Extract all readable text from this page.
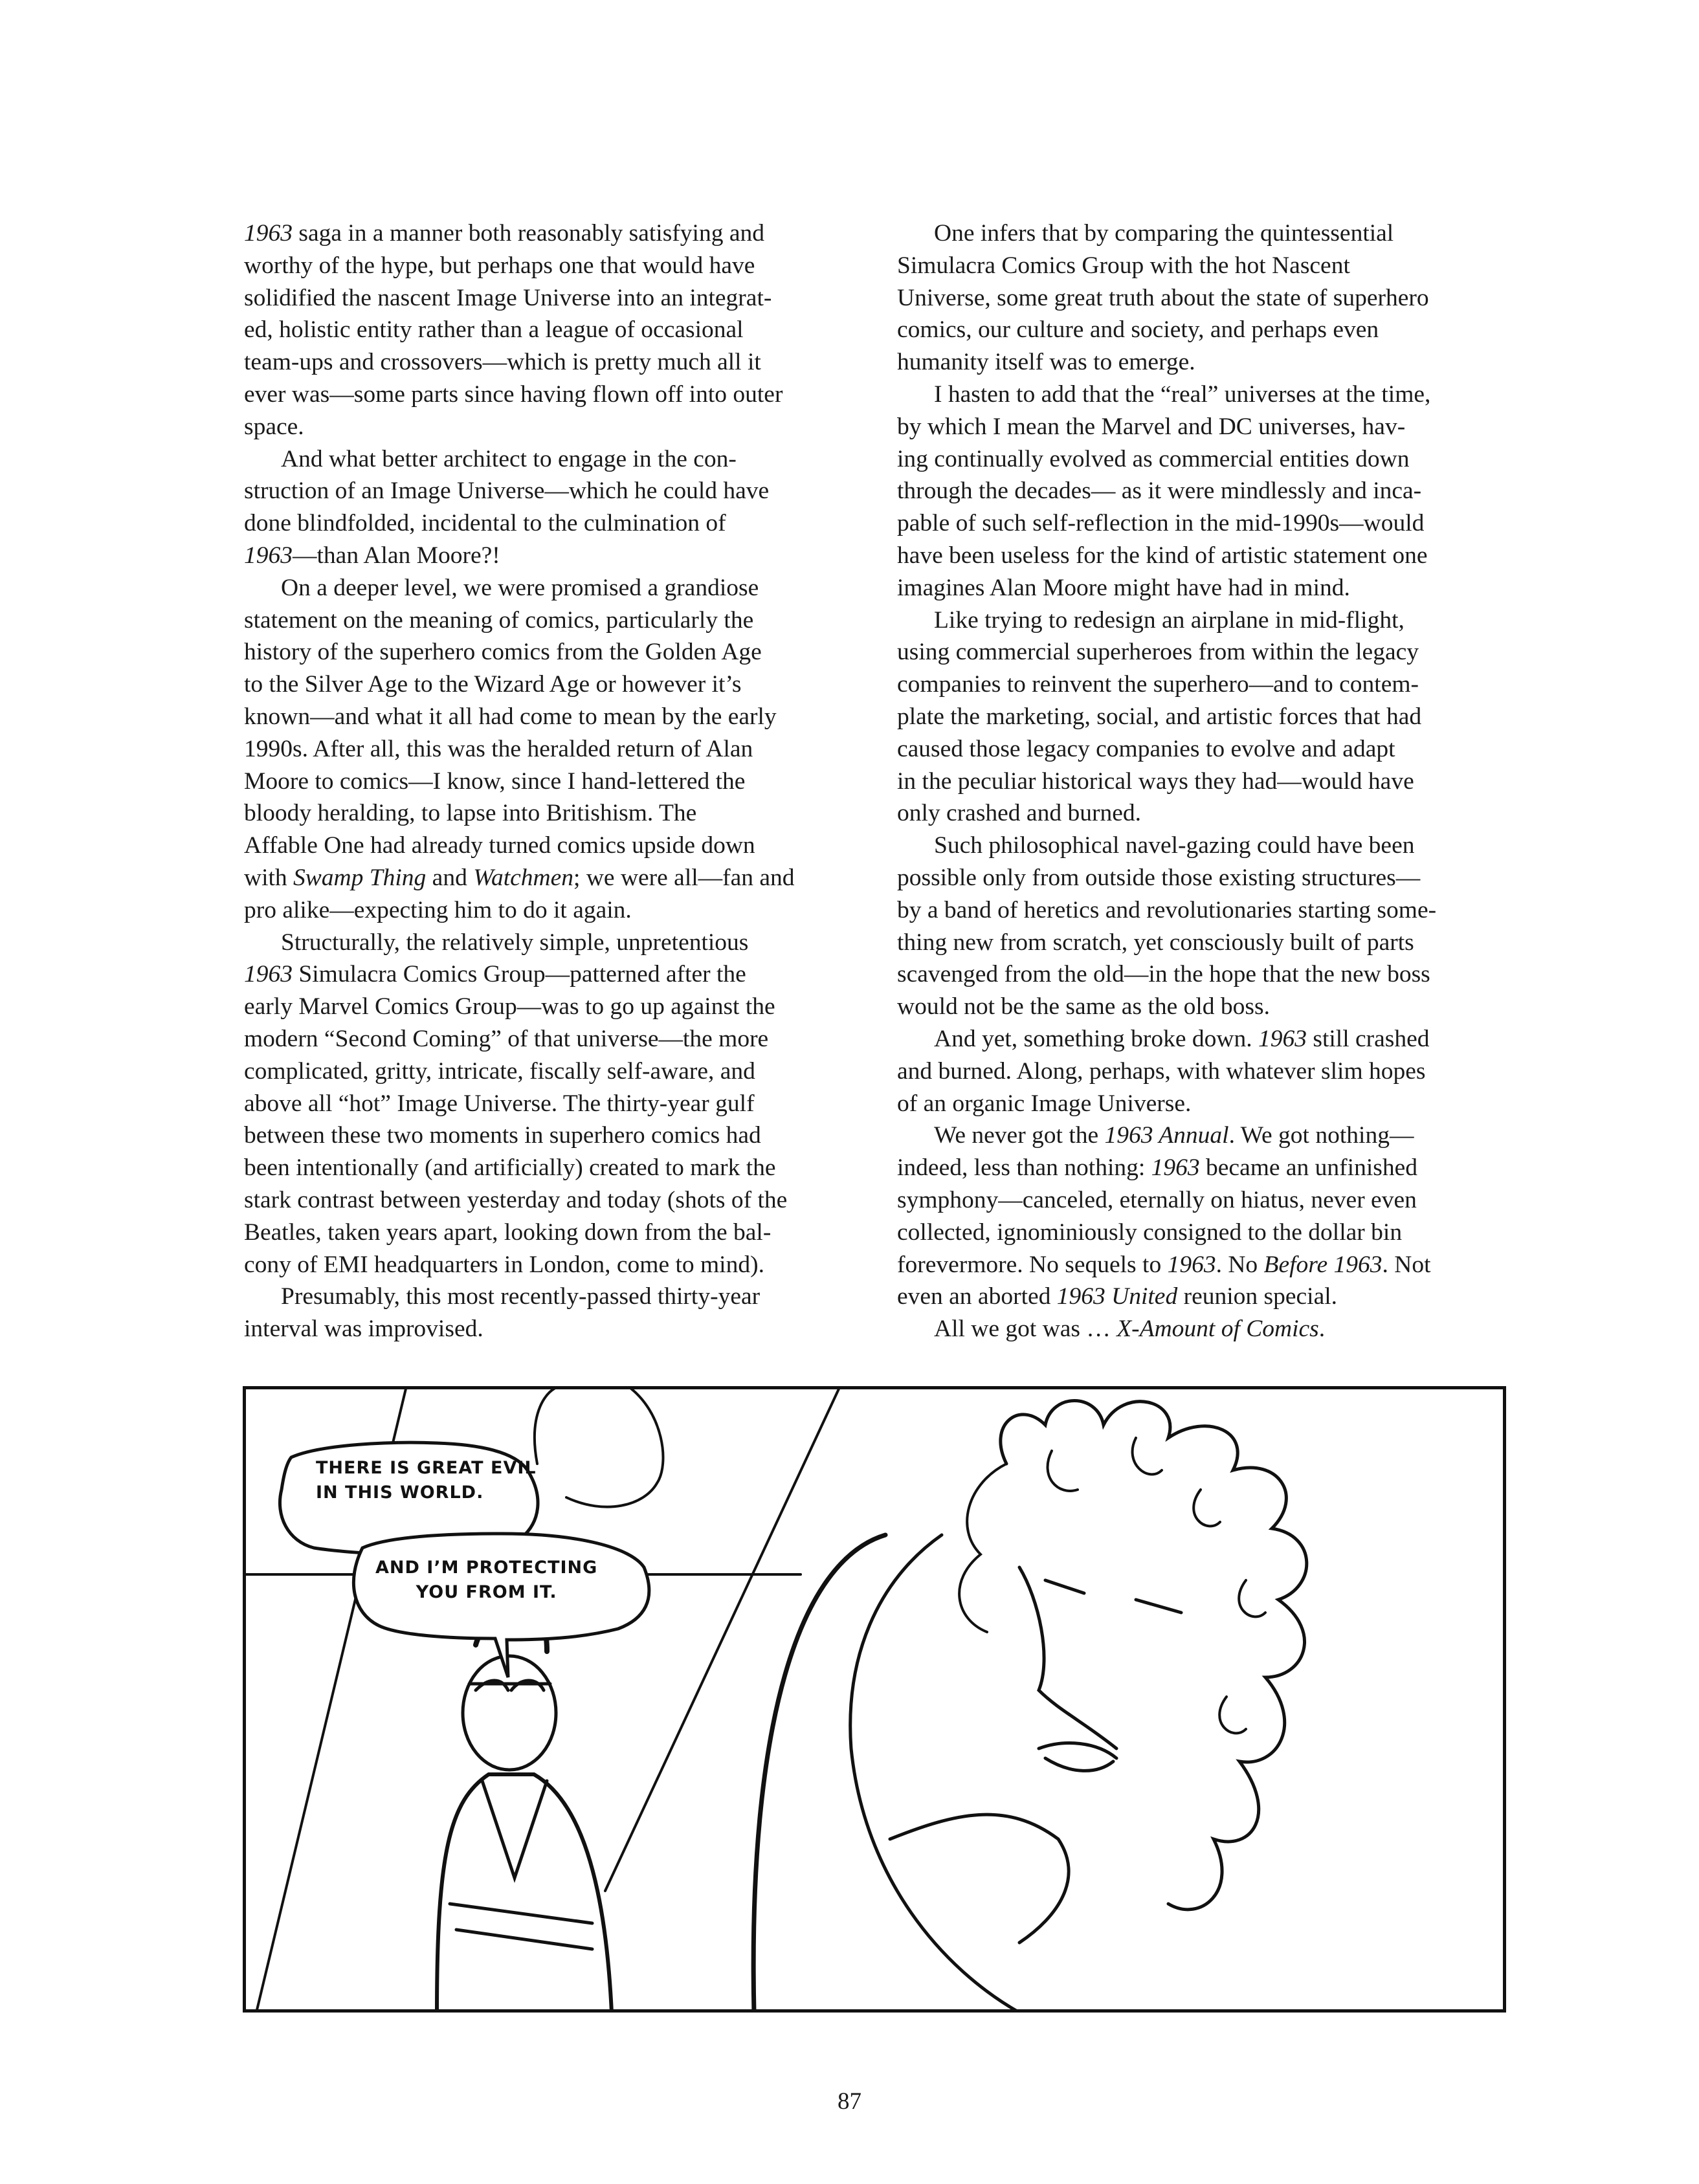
1963 saga in a manner both reasonably satisfying and
worthy of the hype, but perhaps one that would have
solidified the nascent Image Universe into an integrat-
ed, holistic entity rather than a league of occasional
team-ups and crossovers—which is pretty much all it
ever was—some parts since having flown off into outer
space.
And what better architect to engage in the con-
struction of an Image Universe—which he could have
done blindfolded, incidental to the culmination of
1963—than Alan Moore?!
On a deeper level, we were promised a grandiose
statement on the meaning of comics, particularly the
history of the superhero comics from the Golden Age
to the Silver Age to the Wizard Age or however it’s
known—and what it all had come to mean by the early
1990s. After all, this was the heralded return of Alan
Moore to comics—I know, since I hand-lettered the
bloody heralding, to lapse into Britishism. The
Affable One had already turned comics upside down
with Swamp Thing and Watchmen; we were all—fan and
pro alike—expecting him to do it again.
Structurally, the relatively simple, unpretentious
1963 Simulacra Comics Group—patterned after the
early Marvel Comics Group—was to go up against the
modern “Second Coming” of that universe—the more
complicated, gritty, intricate, fiscally self-aware, and
above all “hot” Image Universe. The thirty-year gulf
between these two moments in superhero comics had
been intentionally (and artificially) created to mark the
stark contrast between yesterday and today (shots of the
Beatles, taken years apart, looking down from the bal-
cony of EMI headquarters in London, come to mind).
Presumably, this most recently-passed thirty-year
interval was improvised.
One infers that by comparing the quintessential
Simulacra Comics Group with the hot Nascent
Universe, some great truth about the state of superhero
comics, our culture and society, and perhaps even
humanity itself was to emerge.
I hasten to add that the “real” universes at the time,
by which I mean the Marvel and DC universes, hav-
ing continually evolved as commercial entities down
through the decades— as it were mindlessly and inca-
pable of such self-reflection in the mid-1990s—would
have been useless for the kind of artistic statement one
imagines Alan Moore might have had in mind.
Like trying to redesign an airplane in mid-flight,
using commercial superheroes from within the legacy
companies to reinvent the superhero—and to contem-
plate the marketing, social, and artistic forces that had
caused those legacy companies to evolve and adapt
in the peculiar historical ways they had—would have
only crashed and burned.
Such philosophical navel-gazing could have been
possible only from outside those existing structures—
by a band of heretics and revolutionaries starting some-
thing new from scratch, yet consciously built of parts
scavenged from the old—in the hope that the new boss
would not be the same as the old boss.
And yet, something broke down. 1963 still crashed
and burned. Along, perhaps, with whatever slim hopes
of an organic Image Universe.
We never got the 1963 Annual. We got nothing—
indeed, less than nothing: 1963 became an unfinished
symphony—canceled, eternally on hiatus, never even
collected, ignominiously consigned to the dollar bin
forevermore. No sequels to 1963. No Before 1963. Not
even an aborted 1963 United reunion special.
All we got was … X-Amount of Comics.
THERE IS GREAT EVIL
IN THIS WORLD.
AND I’M PROTECTING
YOU FROM IT.
87
